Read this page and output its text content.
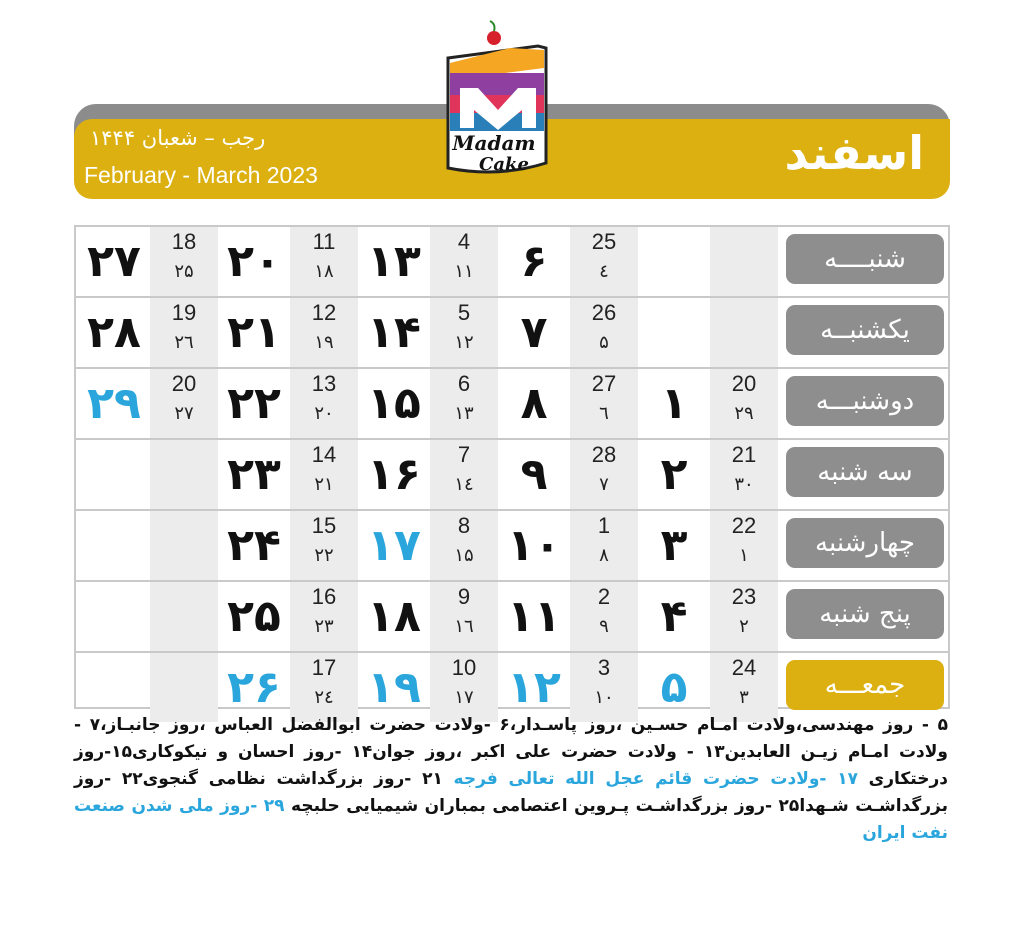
رجب – شعبان ۱۴۴۴
February - March 2023	اسفند
Madam
Cake
شنبــــه
25
٤
۶
4
۱۱
۱۳
11
۱۸
۲۰
18
۲۵
۲۷
یکشنبــه
26
۵
۷
5
۱۲
۱۴
12
۱۹
۲۱
19
۲٦
۲۸
دوشنبـــه
20
۲۹
۱
27
٦
۸
6
۱۳
۱۵
13
۲۰
۲۲
20
۲۷
۲۹
سه شنبه
21
۳۰
۲
28
۷
۹
7
١٤
۱۶
14
۲۱
۲۳
چهارشنبه
22
۱
۳
1
۸
۱۰
8
۱۵
۱۷
15
۲۲
۲۴
پنج شنبه
23
۲
۴
2
۹
۱۱
9
۱٦
۱۸
16
۲۳
۲۵
جمعـــه
24
۳
۵
3
۱۰
۱۲
10
۱۷
۱۹
17
۲٤
۲۶
۵ - روز مهندسی،ولادت امـام حسـین ،روز پاسـدار،۶ -ولادت حضرت ابوالفضل العباس ،روز جانبـاز،۷ - ولادت امـام زیـن العابدین۱۳ - ولادت حضرت علی اکبر ،روز جوان۱۴ -روز احسان و نیکوکاری۱۵-روز درختکاری ۱۷ -ولادت حضرت قائم عجل الله تعالی فرجه ۲۱ -روز بزرگداشت نظامی گنجوی۲۲ -روز بزرگداشـت شـهدا۲۵ -روز بزرگداشـت پـروین اعتصامی بمباران شیمیایی حلبچه ۲۹ -روز ملی شدن صنعت نفت ایران
